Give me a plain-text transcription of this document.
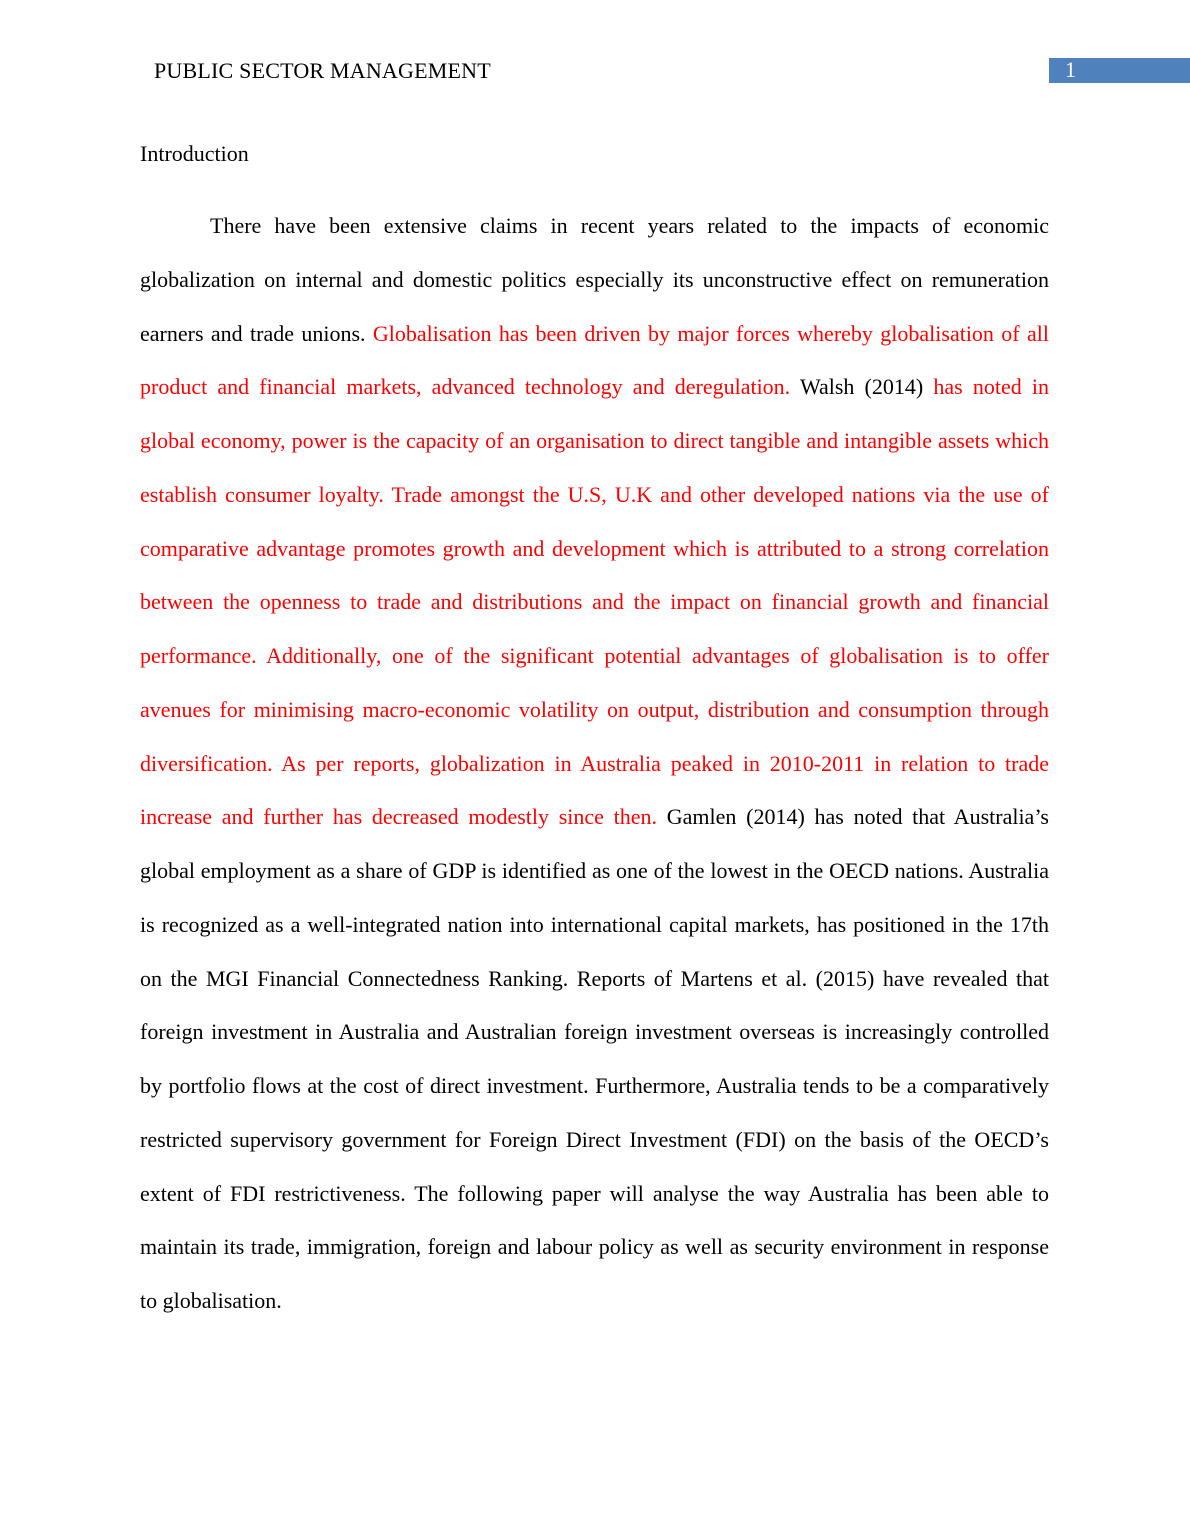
PUBLIC SECTOR MANAGEMENT	1
Introduction

There have been extensive claims in recent years related to the impacts of economic globalization on internal and domestic politics especially its unconstructive effect on remuneration earners and trade unions. Globalisation has been driven by major forces whereby globalisation of all product and financial markets, advanced technology and deregulation. Walsh (2014) has noted in global economy, power is the capacity of an organisation to direct tangible and intangible assets which establish consumer loyalty. Trade amongst the U.S, U.K and other developed nations via the use of comparative advantage promotes growth and development which is attributed to a strong correlation between the openness to trade and distributions and the impact on financial growth and financial performance. Additionally, one of the significant potential advantages of globalisation is to offer avenues for minimising macro-economic volatility on output, distribution and consumption through diversification. As per reports, globalization in Australia peaked in 2010-2011 in relation to trade increase and further has decreased modestly since then. Gamlen (2014) has noted that Australia’s global employment as a share of GDP is identified as one of the lowest in the OECD nations. Australia is recognized as a well-integrated nation into international capital markets, has positioned in the 17th on the MGI Financial Connectedness Ranking. Reports of Martens et al. (2015) have revealed that foreign investment in Australia and Australian foreign investment overseas is increasingly controlled by portfolio flows at the cost of direct investment. Furthermore, Australia tends to be a comparatively restricted supervisory government for Foreign Direct Investment (FDI) on the basis of the OECD’s extent of FDI restrictiveness. The following paper will analyse the way Australia has been able to maintain its trade, immigration, foreign and labour policy as well as security environment in response to globalisation.
